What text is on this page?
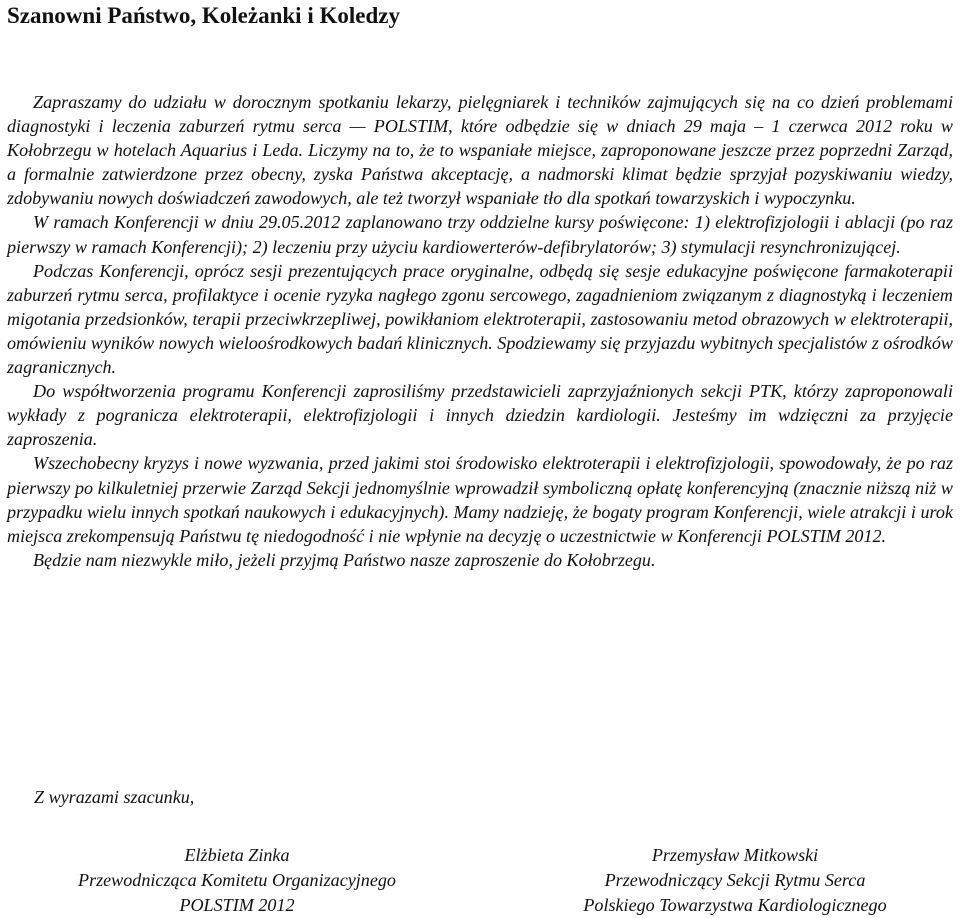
Szanowni Państwo, Koleżanki i Koledzy

Zapraszamy do udziału w dorocznym spotkaniu lekarzy, pielęgniarek i techników zajmujących się na co dzień problemami diagnostyki i leczenia zaburzeń rytmu serca — POLSTIM, które odbędzie się w dniach 29 maja – 1 czerwca 2012 roku w Kołobrzegu w hotelach Aquarius i Leda. Liczymy na to, że to wspaniałe miejsce, zaproponowane jeszcze przez poprzedni Zarząd, a formalnie zatwierdzone przez obecny, zyska Państwa akceptację, a nadmorski klimat będzie sprzyjał pozyskiwaniu wiedzy, zdobywaniu nowych doświadczeń zawodowych, ale też tworzył wspaniałe tło dla spotkań towarzyskich i wypoczynku.

W ramach Konferencji w dniu 29.05.2012 zaplanowano trzy oddzielne kursy poświęcone: 1) elektrofizjologii i ablacji (po raz pierwszy w ramach Konferencji); 2) leczeniu przy użyciu kardiowerterów-defibrylatorów; 3) stymulacji resynchronizującej.

Podczas Konferencji, oprócz sesji prezentujących prace oryginalne, odbędą się sesje edukacyjne poświęcone farmakoterapii zaburzeń rytmu serca, profilaktyce i ocenie ryzyka nagłego zgonu sercowego, zagadnieniom związanym z diagnostyką i leczeniem migotania przedsionków, terapii przeciwkrzepliwej, powikłaniom elektroterapii, zastosowaniu metod obrazowych w elektroterapii, omówieniu wyników nowych wieloośrodkowych badań klinicznych. Spodziewamy się przyjazdu wybitnych specjalistów z ośrodków zagranicznych.

Do współtworzenia programu Konferencji zaprosiliśmy przedstawicieli zaprzyjaźnionych sekcji PTK, którzy zaproponowali wykłady z pogranicza elektroterapii, elektrofizjologii i innych dziedzin kardiologii. Jesteśmy im wdzięczni za przyjęcie zaproszenia.

Wszechobecny kryzys i nowe wyzwania, przed jakimi stoi środowisko elektroterapii i elektrofizjologii, spowodowały, że po raz pierwszy po kilkuletniej przerwie Zarząd Sekcji jednomyślnie wprowadził symboliczną opłatę konferencyjną (znacznie niższą niż w przypadku wielu innych spotkań naukowych i edukacyjnych). Mamy nadzieję, że bogaty program Konferencji, wiele atrakcji i urok miejsca zrekompensują Państwu tę niedogodność i nie wpłynie na decyzję o uczestnictwie w Konferencji POLSTIM 2012.

Będzie nam niezwykle miło, jeżeli przyjmą Państwo nasze zaproszenie do Kołobrzegu.

Z wyrazami szacunku,
Elżbieta Zinka
Przewodnicząca Komitetu Organizacyjnego
POLSTIM 2012
Przemysław Mitkowski
Przewodniczący Sekcji Rytmu Serca
Polskiego Towarzystwa Kardiologicznego
